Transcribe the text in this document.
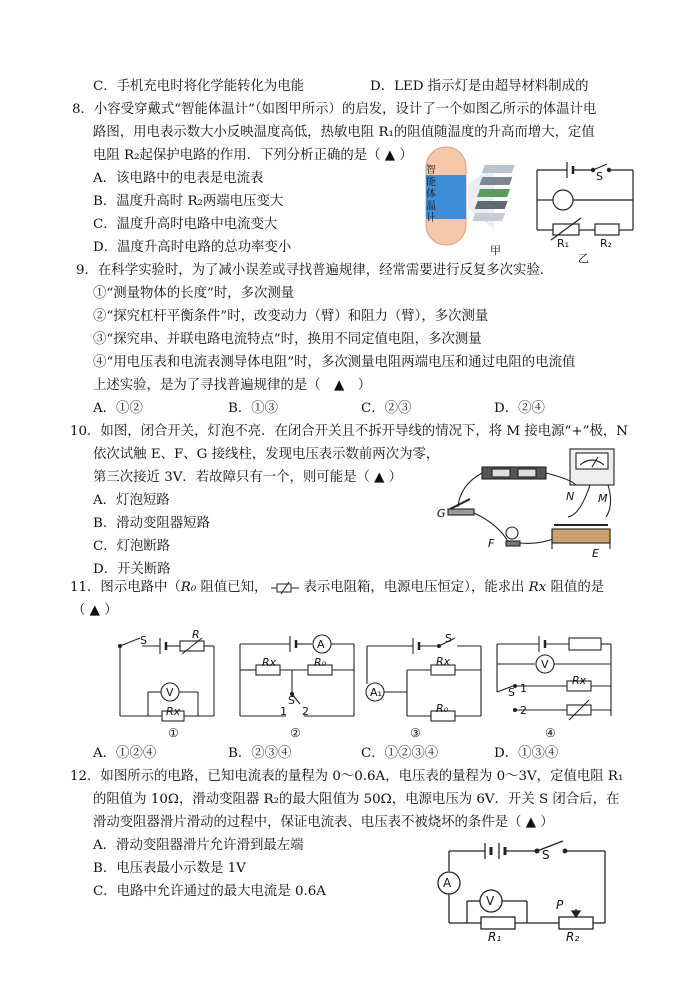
C．手机充电时将化学能转化为电能	D．LED 指示灯是由超导材料制成的
8．小容受穿戴式“智能体温计”（如图甲所示）的启发，设计了一个如图乙所示的体温计电
路图，用电表示数大小反映温度高低，热敏电阻 R₁的阻值随温度的升高而增大，定值
电阻 R₂起保护电路的作用．下列分析正确的是（ ▲ ）
A．该电路中的电表是电流表
B．温度升高时 R₂两端电压变大
C．温度升高时电路中电流变大
D．温度升高时电路的总功率变小
智能体温计
甲
S
R₁	R₂
乙
9．在科学实验时，为了减小误差或寻找普遍规律，经常需要进行反复多次实验．
①“测量物体的长度”时，多次测量
②“探究杠杆平衡条件”时，改变动力（臂）和阻力（臂），多次测量
③“探究串、并联电路电流特点”时，换用不同定值电阻，多次测量
④“用电压表和电流表测导体电阻”时，多次测量电阻两端电压和通过电阻的电流值
上述实验，是为了寻找普遍规律的是（　▲　）
A．①②	B．①③	C．②③	D．②④
10．如图，闭合开关，灯泡不亮．在闭合开关且不拆开导线的情况下，将 M 接电源“+”极，N
依次试触 E、F、G 接线柱，发现电压表示数前两次为零，
第三次接近 3V．若故障只有一个，则可能是（ ▲ ）
A．灯泡短路
B．滑动变阻器短路
C．灯泡断路
D．开关断路
G
F
E
N M
11．图示电路中（R₀ 阻值已知，	表示电阻箱，电源电压恒定），能求出 Rx 阻值的是
（ ▲ ）
S	R
V
Rx
①
A
Rx	R₀
1 2
S
②
S
A₁
Rx
R₀
③
V
S 1
2
Rx
④
A．①②④	B．②③④	C．①②③④	D．①③④
12．如图所示的电路，已知电流表的量程为 0～0.6A，电压表的量程为 0～3V，定值电阻 R₁
的阻值为 10Ω，滑动变阻器 R₂的最大阻值为 50Ω，电源电压为 6V．开关 S 闭合后，在
滑动变阻器滑片滑动的过程中，保证电流表、电压表不被烧坏的条件是（ ▲ ）
A．滑动变阻器滑片允许滑到最左端
B．电压表最小示数是 1V
C．电路中允许通过的最大电流是 0.6A
A
V
S
P
R₁	R₂
